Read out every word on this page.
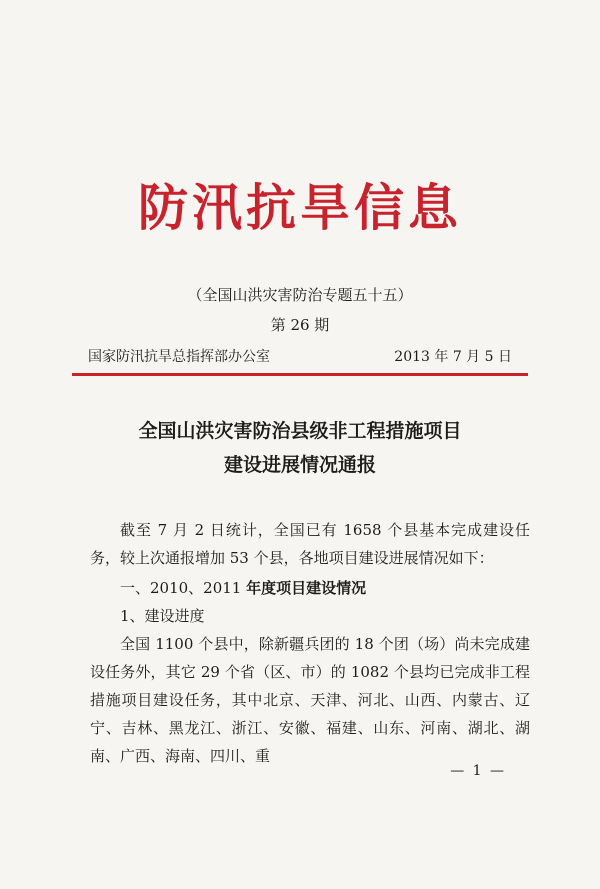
防汛抗旱信息
（全国山洪灾害防治专题五十五）
第 26 期
国家防汛抗旱总指挥部办公室	2013 年 7 月 5 日
全国山洪灾害防治县级非工程措施项目
建设进展情况通报

截至 7 月 2 日统计，全国已有 1658 个县基本完成建设任务，较上次通报增加 53 个县，各地项目建设进展情况如下：

一、2010、2011 年度项目建设情况

1、建设进度

全国 1100 个县中，除新疆兵团的 18 个团（场）尚未完成建设任务外，其它 29 个省（区、市）的 1082 个县均已完成非工程措施项目建设任务，其中北京、天津、河北、山西、内蒙古、辽宁、吉林、黑龙江、浙江、安徽、福建、山东、河南、湖北、湖南、广西、海南、四川、重

— 1 —
